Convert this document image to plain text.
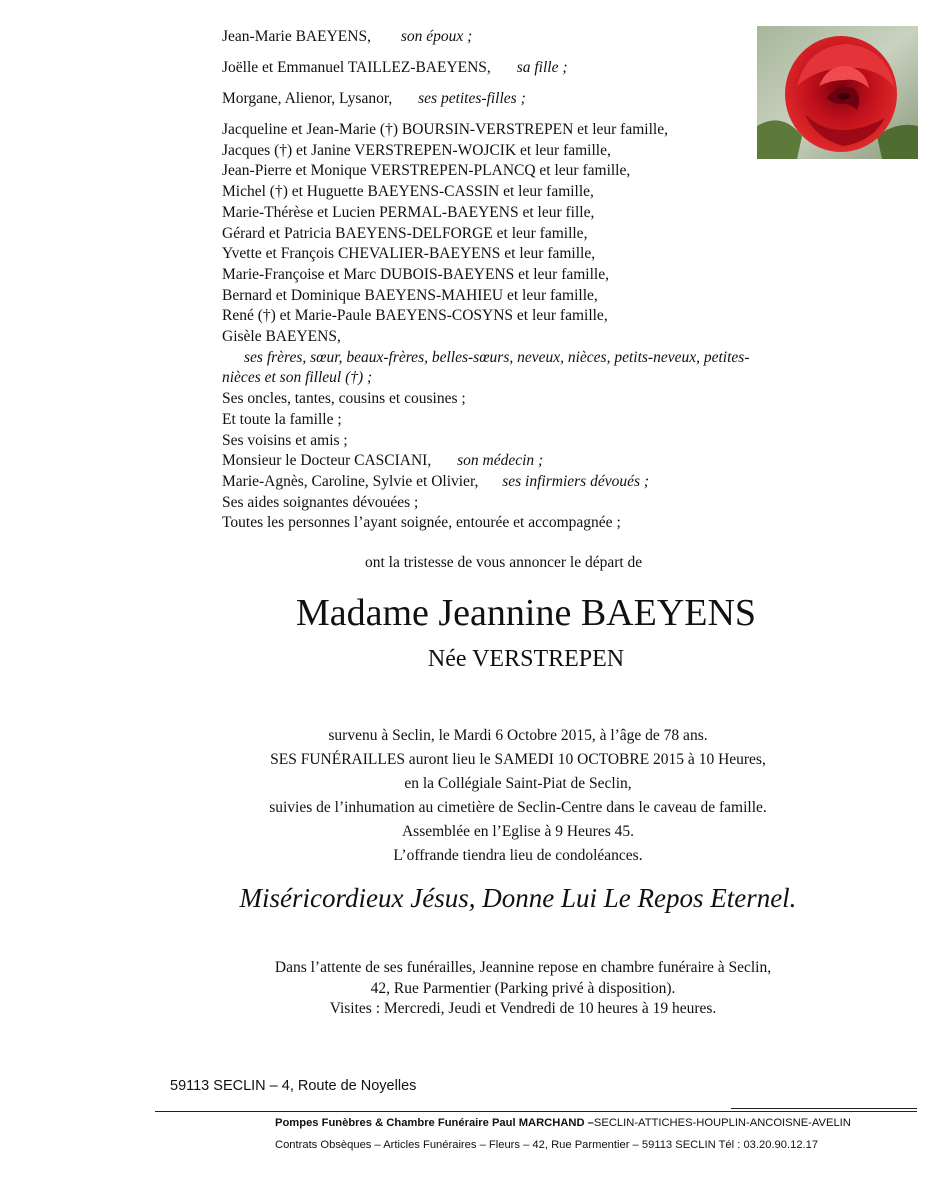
Jean-Marie BAEYENS, son époux ;
Joëlle et Emmanuel TAILLEZ-BAEYENS, sa fille ;
Morgane, Alienor, Lysanor, ses petites-filles ;
Jacqueline et Jean-Marie (†) BOURSIN-VERSTREPEN et leur famille,
Jacques (†) et Janine VERSTREPEN-WOJCIK et leur famille,
Jean-Pierre et Monique VERSTREPEN-PLANCQ et leur famille,
Michel (†) et Huguette BAEYENS-CASSIN et leur famille,
Marie-Thérèse et Lucien PERMAL-BAEYENS et leur fille,
Gérard et Patricia BAEYENS-DELFORGE et leur famille,
Yvette et François CHEVALIER-BAEYENS et leur famille,
Marie-Françoise et Marc DUBOIS-BAEYENS et leur famille,
Bernard et Dominique BAEYENS-MAHIEU et leur famille,
René (†) et Marie-Paule BAEYENS-COSYNS et leur famille,
Gisèle BAEYENS,
ses frères, sœur, beaux-frères, belles-sœurs, neveux, nièces, petits-neveux, petites-
nièces et son filleul (†) ;
Ses oncles, tantes, cousins et cousines ;
Et toute la famille ;
Ses voisins et amis ;
Monsieur le Docteur CASCIANI, son médecin ;
Marie-Agnès, Caroline, Sylvie et Olivier, ses infirmiers dévoués ;
Ses aides soignantes dévouées ;
Toutes les personnes l’ayant soignée, entourée et accompagnée ;
ont la tristesse de vous annoncer le départ de
Madame Jeannine BAEYENS
Née VERSTREPEN
survenu à Seclin, le Mardi 6 Octobre 2015, à l’âge de 78 ans.
SES FUNÉRAILLES auront lieu le SAMEDI 10 OCTOBRE 2015 à 10 Heures,
en la Collégiale Saint-Piat de Seclin,
suivies de l’inhumation au cimetière de Seclin-Centre dans le caveau de famille.
Assemblée en l’Eglise à 9 Heures 45.
L’offrande tiendra lieu de condoléances.
Miséricordieux Jésus, Donne Lui Le Repos Eternel.
Dans l’attente de ses funérailles, Jeannine repose en chambre funéraire à Seclin,
42, Rue Parmentier (Parking privé à disposition).
Visites : Mercredi, Jeudi et Vendredi de 10 heures à 19 heures.
59113 SECLIN – 4, Route de Noyelles
Pompes Funèbres & Chambre Funéraire Paul MARCHAND –SECLIN-ATTICHES-HOUPLIN-ANCOISNE-AVELIN
Contrats Obsèques – Articles Funéraires – Fleurs – 42, Rue Parmentier – 59113 SECLIN Tél : 03.20.90.12.17
